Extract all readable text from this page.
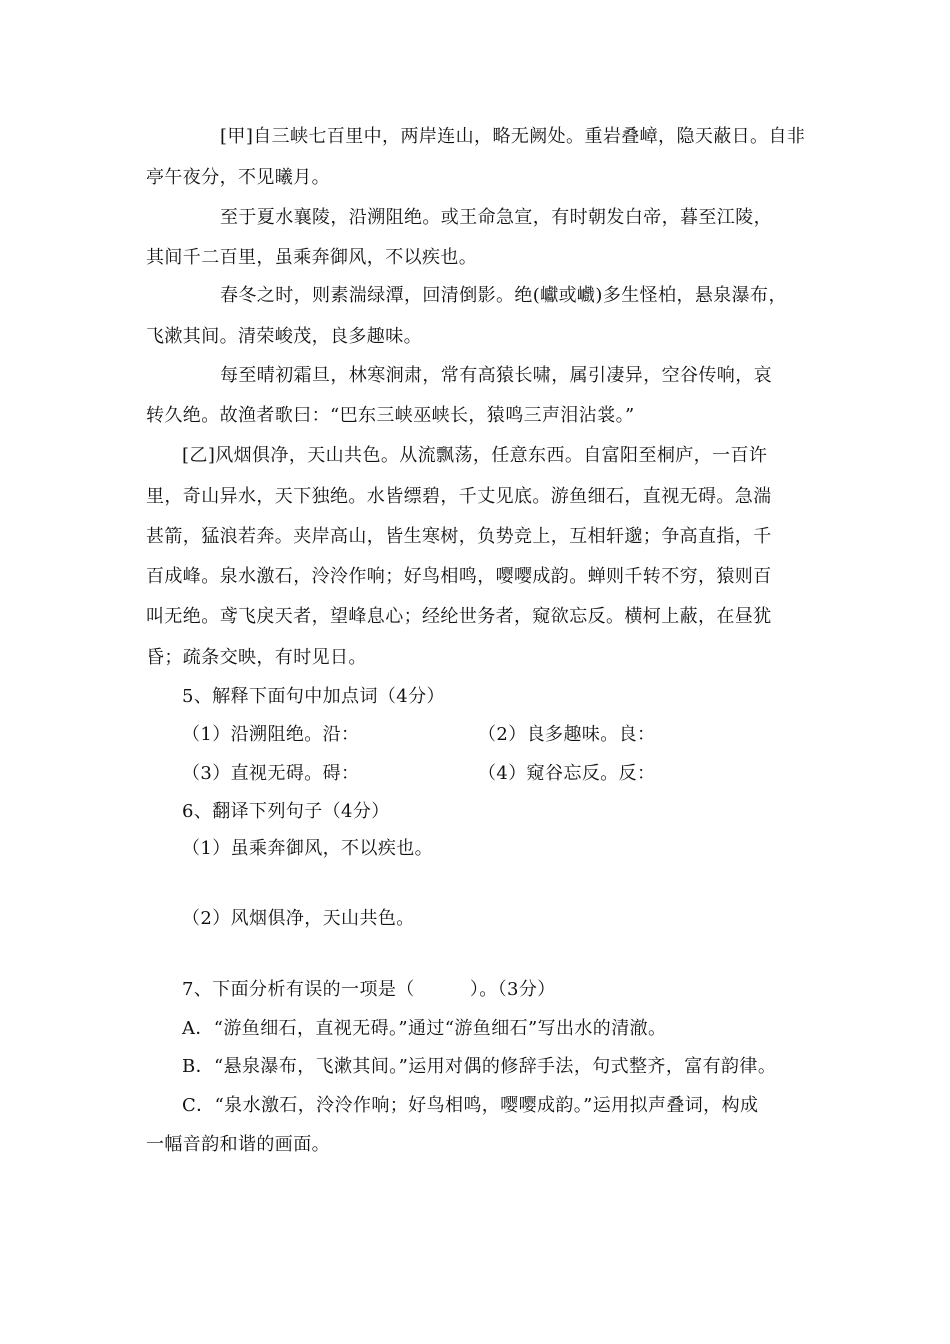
[甲]自三峡七百里中，两岸连山，略无阙处。重岩叠嶂，隐天蔽日。自非
亭午夜分，不见曦月。
至于夏水襄陵，沿溯阻绝。或王命急宣，有时朝发白帝，暮至江陵，
其间千二百里，虽乘奔御风，不以疾也。
春冬之时，则素湍绿潭，回清倒影。绝(巘或巇)多生怪柏，悬泉瀑布，
飞漱其间。清荣峻茂，良多趣味。
每至晴初霜旦，林寒涧肃，常有高猿长啸，属引凄异，空谷传响，哀
转久绝。故渔者歌曰：“巴东三峡巫峡长，猿鸣三声泪沾裳。”
[乙]风烟俱净，天山共色。从流飘荡，任意东西。自富阳至桐庐，一百许
里，奇山异水，天下独绝。水皆缥碧，千丈见底。游鱼细石，直视无碍。急湍
甚箭，猛浪若奔。夹岸高山，皆生寒树，负势竞上，互相轩邈；争高直指，千
百成峰。泉水激石，泠泠作响；好鸟相鸣，嘤嘤成韵。蝉则千转不穷，猿则百
叫无绝。鸢飞戾天者，望峰息心；经纶世务者，窥欲忘反。横柯上蔽，在昼犹
昏；疏条交映，有时见日。
5、解释下面句中加点词（4分）
（1）沿溯阻绝。沿：	（2）良多趣味。良：
（3）直视无碍。碍：	（4）窥谷忘反。反：
6、翻译下列句子（4分）
（1）虽乘奔御风，不以疾也。
（2）风烟俱净，天山共色。
7、下面分析有误的一项是（　　　）。（3分）
A．“游鱼细石，直视无碍。”通过“游鱼细石”写出水的清澈。
B．“悬泉瀑布，飞漱其间。”运用对偶的修辞手法，句式整齐，富有韵律。
C．“泉水激石，泠泠作响；好鸟相鸣，嘤嘤成韵。”运用拟声叠词，构成
一幅音韵和谐的画面。
